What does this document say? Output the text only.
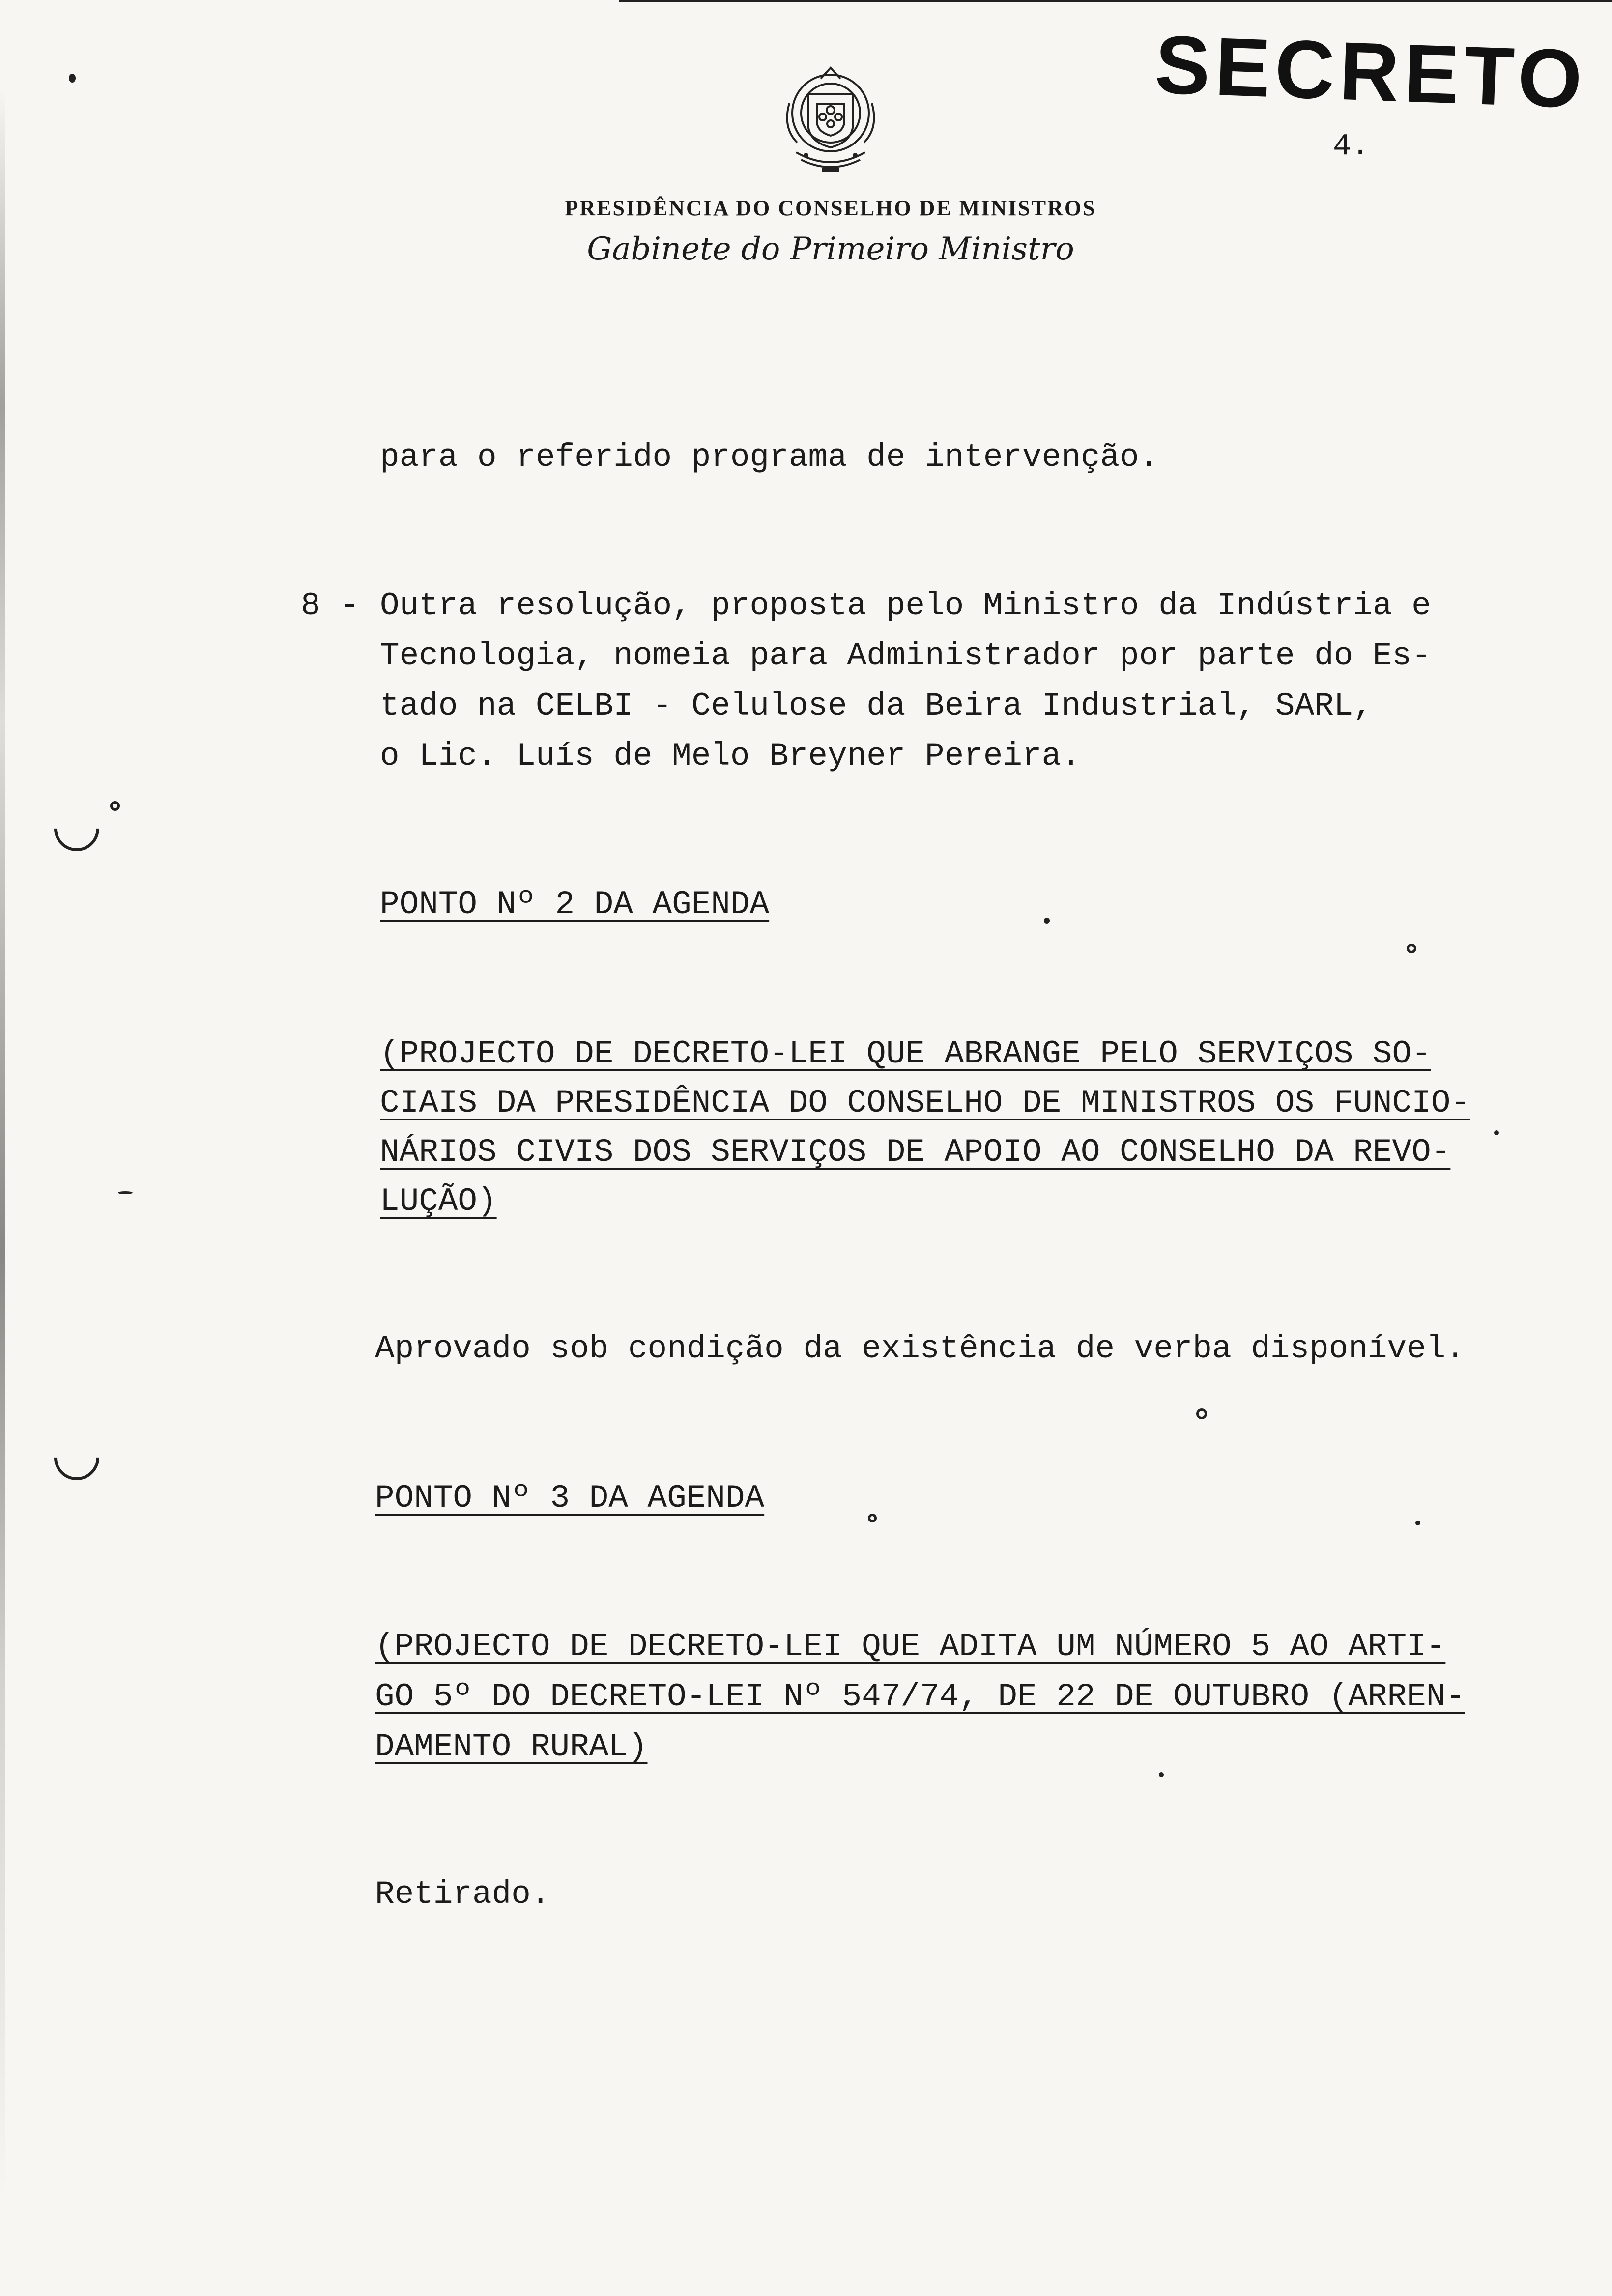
SECRETO
4.
PRESIDÊNCIA DO CONSELHO DE MINISTROS
Gabinete do Primeiro Ministro
para o referido programa de intervenção.
8 - Outra resolução, proposta pelo Ministro da Indústria e
Tecnologia, nomeia para Administrador por parte do Es-
tado na CELBI - Celulose da Beira Industrial, SARL,
o Lic. Luís de Melo Breyner Pereira.
PONTO Nº 2 DA AGENDA
(PROJECTO DE DECRETO-LEI QUE ABRANGE PELO SERVIÇOS SO-
CIAIS DA PRESIDÊNCIA DO CONSELHO DE MINISTROS OS FUNCIO-
NÁRIOS CIVIS DOS SERVIÇOS DE APOIO AO CONSELHO DA REVO-
LUÇÃO)
Aprovado sob condição da existência de verba disponível.
PONTO Nº 3 DA AGENDA
(PROJECTO DE DECRETO-LEI QUE ADITA UM NÚMERO 5 AO ARTI-
GO 5º DO DECRETO-LEI Nº 547/74, DE 22 DE OUTUBRO (ARREN-
DAMENTO RURAL)
Retirado.
